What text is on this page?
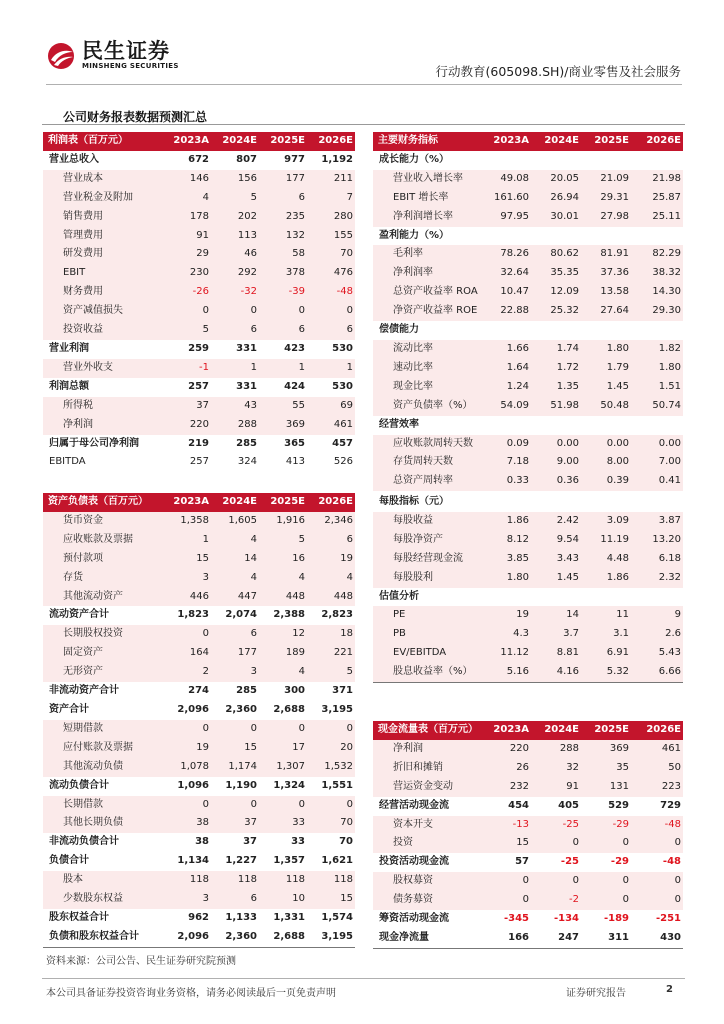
民生证券
MINSHENG SECURITIES	行动教育(605098.SH)/商业零售及社会服务
公司财务报表数据预测汇总
利润表（百万元）	2023A	2024E	2025E	2026E
营业总收入	672	807	977	1,192
营业成本	146	156	177	211
营业税金及附加	4	5	6	7
销售费用	178	202	235	280
管理费用	91	113	132	155
研发费用	29	46	58	70
EBIT	230	292	378	476
财务费用	-26	-32	-39	-48
资产减值损失	0	0	0	0
投资收益	5	6	6	6
营业利润	259	331	423	530
营业外收支	-1	1	1	1
利润总额	257	331	424	530
所得税	37	43	55	69
净利润	220	288	369	461
归属于母公司净利润	219	285	365	457
EBITDA	257	324	413	526
主要财务指标	2023A	2024E	2025E	2026E
成长能力（%）				
营业收入增长率	49.08	20.05	21.09	21.98
EBIT 增长率	161.60	26.94	29.31	25.87
净利润增长率	97.95	30.01	27.98	25.11
盈利能力（%）				
毛利率	78.26	80.62	81.91	82.29
净利润率	32.64	35.35	37.36	38.32
总资产收益率 ROA	10.47	12.09	13.58	14.30
净资产收益率 ROE	22.88	25.32	27.64	29.30
偿债能力				
流动比率	1.66	1.74	1.80	1.82
速动比率	1.64	1.72	1.79	1.80
现金比率	1.24	1.35	1.45	1.51
资产负债率（%）	54.09	51.98	50.48	50.74
经营效率				
应收账款周转天数	0.09	0.00	0.00	0.00
存货周转天数	7.18	9.00	8.00	7.00
总资产周转率	0.33	0.36	0.39	0.41
资产负债表（百万元）	2023A	2024E	2025E	2026E
货币资金	1,358	1,605	1,916	2,346
应收账款及票据	1	4	5	6
预付款项	15	14	16	19
存货	3	4	4	4
其他流动资产	446	447	448	448
流动资产合计	1,823	2,074	2,388	2,823
长期股权投资	0	6	12	18
固定资产	164	177	189	221
无形资产	2	3	4	5
非流动资产合计	274	285	300	371
资产合计	2,096	2,360	2,688	3,195
短期借款	0	0	0	0
应付账款及票据	19	15	17	20
其他流动负债	1,078	1,174	1,307	1,532
流动负债合计	1,096	1,190	1,324	1,551
长期借款	0	0	0	0
其他长期负债	38	37	33	70
非流动负债合计	38	37	33	70
负债合计	1,134	1,227	1,357	1,621
股本	118	118	118	118
少数股东权益	3	6	10	15
股东权益合计	962	1,133	1,331	1,574
负债和股东权益合计	2,096	2,360	2,688	3,195
每股指标（元）				
每股收益	1.86	2.42	3.09	3.87
每股净资产	8.12	9.54	11.19	13.20
每股经营现金流	3.85	3.43	4.48	6.18
每股股利	1.80	1.45	1.86	2.32
估值分析				
PE	19	14	11	9
PB	4.3	3.7	3.1	2.6
EV/EBITDA	11.12	8.81	6.91	5.43
股息收益率（%）	5.16	4.16	5.32	6.66
现金流量表（百万元）	2023A	2024E	2025E	2026E
净利润	220	288	369	461
折旧和摊销	26	32	35	50
营运资金变动	232	91	131	223
经营活动现金流	454	405	529	729
资本开支	-13	-25	-29	-48
投资	15	0	0	0
投资活动现金流	57	-25	-29	-48
股权募资	0	0	0	0
债务募资	0	-2	0	0
筹资活动现金流	-345	-134	-189	-251
现金净流量	166	247	311	430
资料来源：公司公告、民生证券研究院预测
本公司具备证券投资咨询业务资格，请务必阅读最后一页免责声明	证券研究报告	2
